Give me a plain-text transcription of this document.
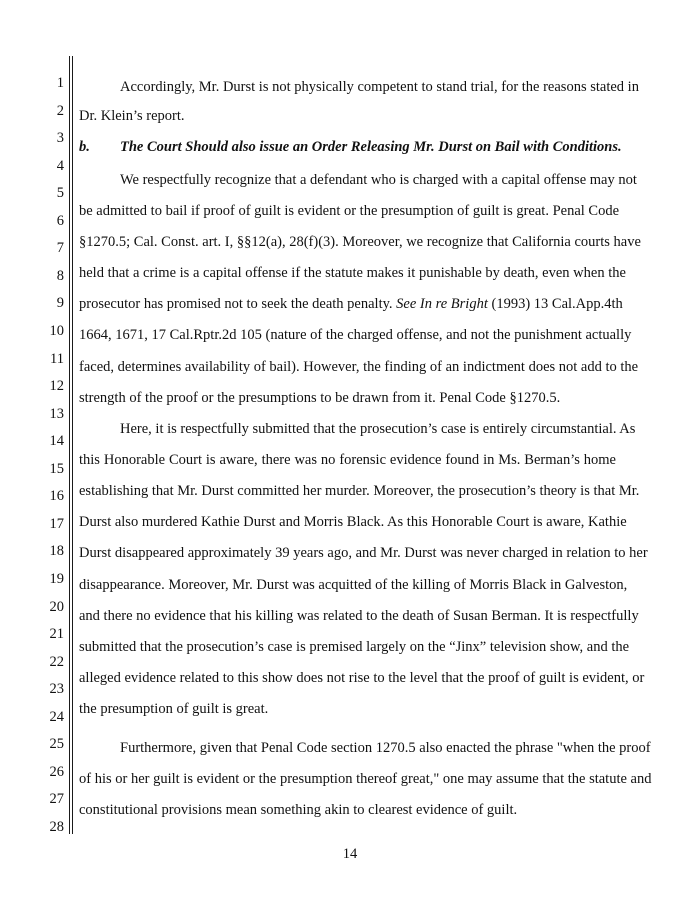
1
2
3
4
5
6
7
8
9
10
11
12
13
14
15
16
17
18
19
20
21
22
23
24
25
26
27
28
Accordingly, Mr. Durst is not physically competent to stand trial, for the reasons stated in
Dr. Klein’s report.
b. The Court Should also issue an Order Releasing Mr. Durst on Bail with Conditions.
We respectfully recognize that a defendant who is charged with a capital offense may not
be admitted to bail if proof of guilt is evident or the presumption of guilt is great. Penal Code
§1270.5; Cal. Const. art. I, §§12(a), 28(f)(3). Moreover, we recognize that California courts have
held that a crime is a capital offense if the statute makes it punishable by death, even when the
prosecutor has promised not to seek the death penalty. See In re Bright (1993) 13 Cal.App.4th
1664, 1671, 17 Cal.Rptr.2d 105 (nature of the charged offense, and not the punishment actually
faced, determines availability of bail). However, the finding of an indictment does not add to the
strength of the proof or the presumptions to be drawn from it. Penal Code §1270.5.
Here, it is respectfully submitted that the prosecution’s case is entirely circumstantial. As
this Honorable Court is aware, there was no forensic evidence found in Ms. Berman’s home
establishing that Mr. Durst committed her murder. Moreover, the prosecution’s theory is that Mr.
Durst also murdered Kathie Durst and Morris Black. As this Honorable Court is aware, Kathie
Durst disappeared approximately 39 years ago, and Mr. Durst was never charged in relation to her
disappearance. Moreover, Mr. Durst was acquitted of the killing of Morris Black in Galveston,
and there no evidence that his killing was related to the death of Susan Berman. It is respectfully
submitted that the prosecution’s case is premised largely on the “Jinx” television show, and the
alleged evidence related to this show does not rise to the level that the proof of guilt is evident, or
the presumption of guilt is great.
Furthermore, given that Penal Code section 1270.5 also enacted the phrase "when the proof
of his or her guilt is evident or the presumption thereof great," one may assume that the statute and
constitutional provisions mean something akin to clearest evidence of guilt.
14
